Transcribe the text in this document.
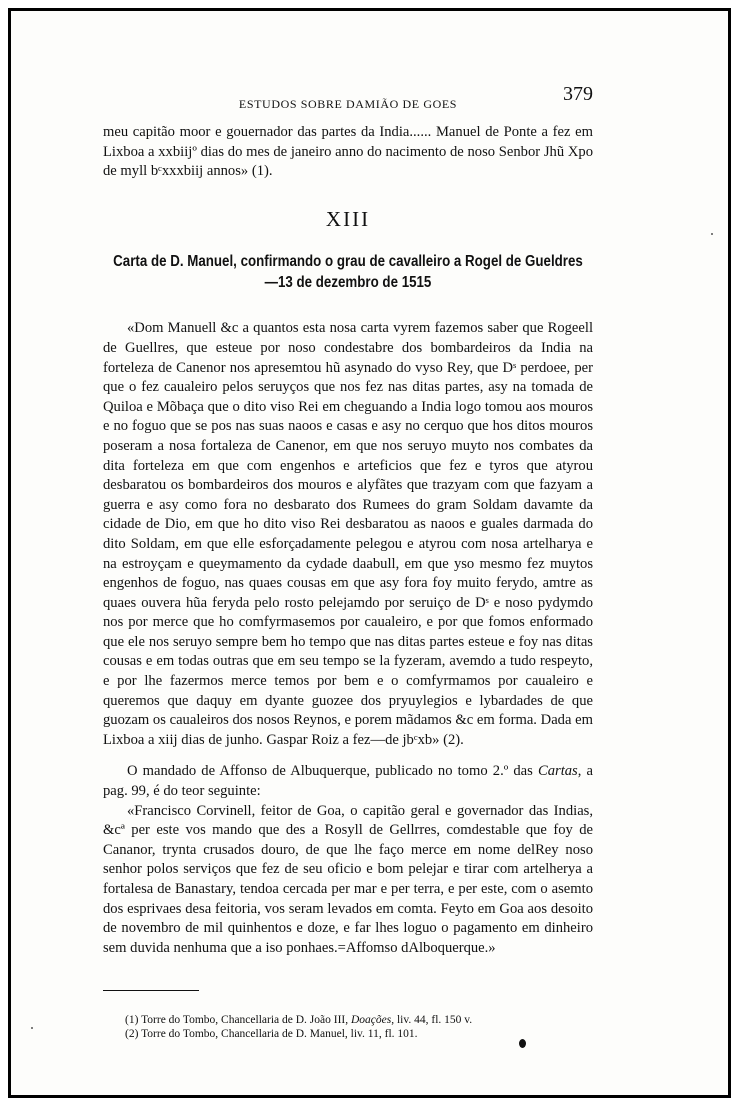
ESTUDOS SOBRE DAMIÃO DE GOES	379

meu capitão moor e gouernador das partes da India...... Manuel de Ponte a fez em Lixboa a xxbiijº dias do mes de janeiro anno do nacimento de noso Senbor Jhũ Xpo de myll bᶜxxxbiij annos» (1).

XIII
Carta de D. Manuel, confirmando o grau de cavalleiro a Rogel de Gueldres
—13 de dezembro de 1515

«Dom Manuell &c a quantos esta nosa carta vyrem fazemos saber que Rogeell de Guellres, que esteue por noso condestabre dos bombardeiros da India na forteleza de Canenor nos apresemtou hũ asynado do vyso Rey, que Dˢ perdoee, per que o fez caualeiro pelos seruyços que nos fez nas ditas partes, asy na tomada de Quiloa e Mõbaça que o dito viso Rei em cheguando a India logo tomou aos mouros e no foguo que se pos nas suas naoos e casas e asy no cerquo que hos ditos mouros poseram a nosa fortaleza de Canenor, em que nos seruyo muyto nos combates da dita forteleza em que com engenhos e arteficios que fez e tyros que atyrou desbaratou os bombardeiros dos mouros e alyfãtes que trazyam com que fazyam a guerra e asy como fora no desbarato dos Rumees do gram Soldam davamte da cidade de Dio, em que ho dito viso Rei desbaratou as naoos e guales darmada do dito Soldam, em que elle esforçadamente pelegou e atyrou com nosa artelharya e na estroyçam e queymamento da cydade daabull, em que yso mesmo fez muytos engenhos de foguo, nas quaes cousas em que asy fora foy muito ferydo, amtre as quaes ouvera hũa feryda pelo rosto pelejamdo por seruiço de Dˢ e noso pydymdo nos por merce que ho comfyrmasemos por caualeiro, e por que fomos enformado que ele nos seruyo sempre bem ho tempo que nas ditas partes esteue e foy nas ditas cousas e em todas outras que em seu tempo se la fyzeram, avemdo a tudo respeyto, e por lhe fazermos merce temos por bem e o comfyrmamos por caualeiro e queremos que daquy em dyante guozee dos pryuylegios e lybardades de que guozam os caualeiros dos nosos Reynos, e porem mãdamos &c em forma. Dada em Lixboa a xiij dias de junho. Gaspar Roiz a fez—de jbᶜxb» (2).

O mandado de Affonso de Albuquerque, publicado no tomo 2.º das Cartas, a pag. 99, é do teor seguinte:

«Francisco Corvinell, feitor de Goa, o capitão geral e governador das Indias, &cª per este vos mando que des a Rosyll de Gellrres, comdestable que foy de Cananor, trynta crusados douro, de que lhe faço merce em nome delRey noso senhor polos serviços que fez de seu oficio e bom pelejar e tirar com artelherya a fortalesa de Banastary, tendoa cercada per mar e per terra, e per este, com o asemto dos esprivaes desa feitoria, vos seram levados em comta. Feyto em Goa aos desoito de novembro de mil quinhentos e doze, e far lhes loguo o pagamento em dinheiro sem duvida nenhuma que a iso ponhaes.=Affomso dAlboquerque.»

(1) Torre do Tombo, Chancellaria de D. João III, Doações, liv. 44, fl. 150 v.
(2) Torre do Tombo, Chancellaria de D. Manuel, liv. 11, fl. 101.
